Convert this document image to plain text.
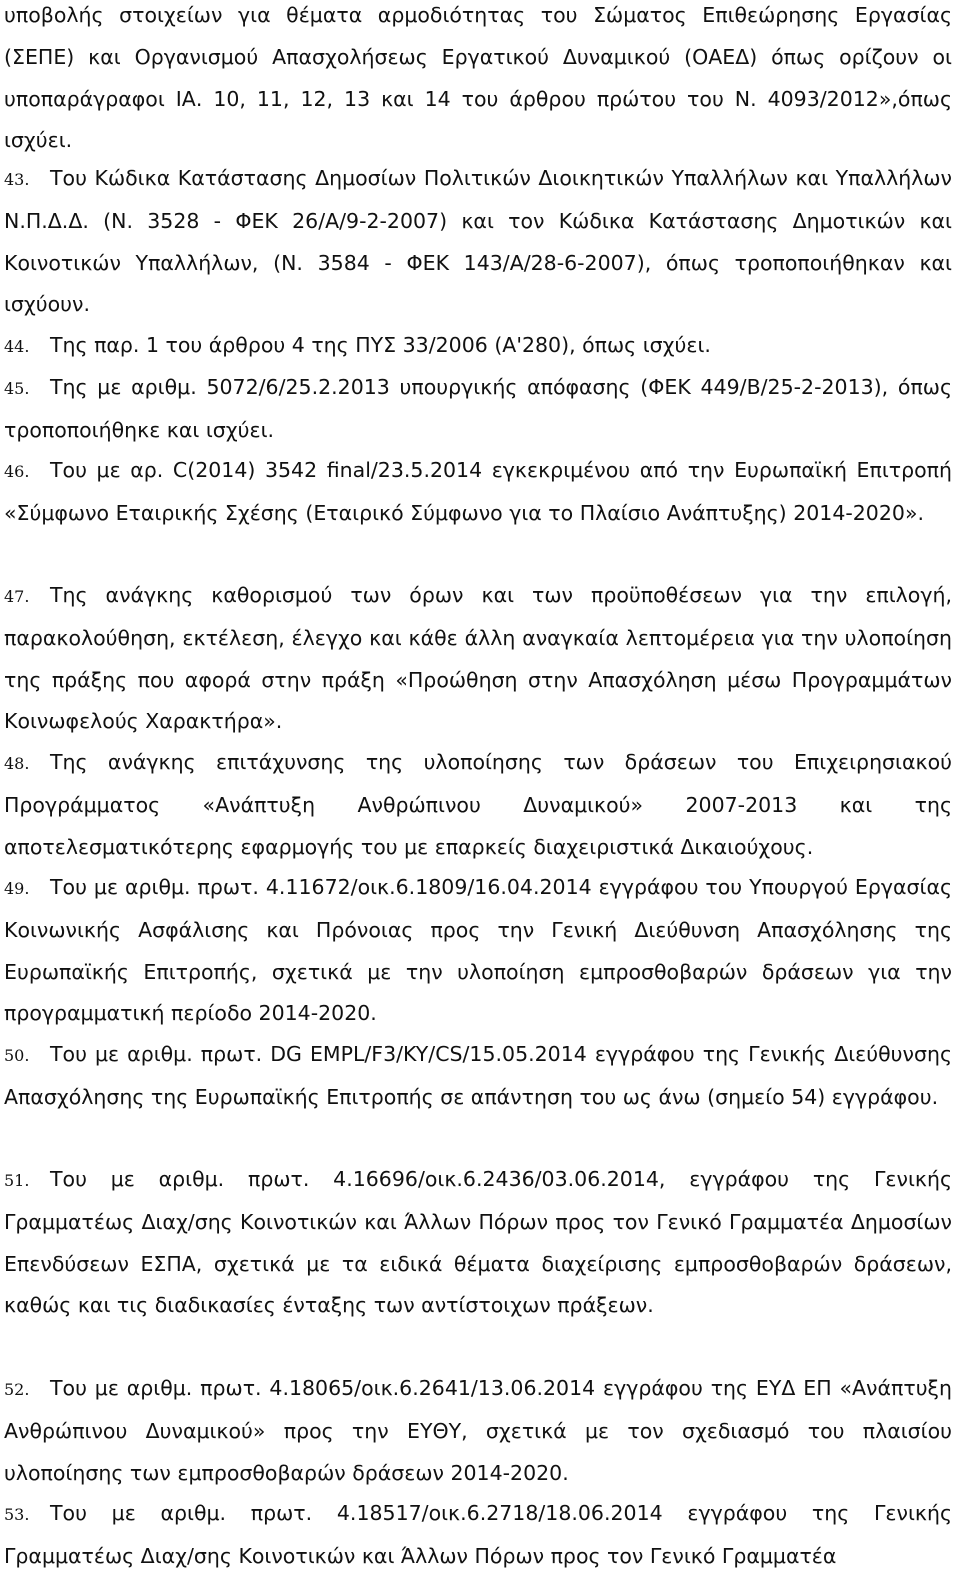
υποβολής στοιχείων για θέματα αρμοδιότητας του Σώματος Επιθεώρησης Εργασίας (ΣΕΠΕ) και Οργανισμού Απασχολήσεως Εργατικού Δυναμικού (ΟΑΕΔ) όπως ορίζουν οι υποπαράγραφοι ΙΑ. 10, 11, 12, 13 και 14 του άρθρου πρώτου του Ν. 4093/2012»,όπως ισχύει.

43. Του Κώδικα Κατάστασης Δημοσίων Πολιτικών Διοικητικών Υπαλλήλων και Υπαλλήλων Ν.Π.Δ.Δ. (Ν. 3528 - ΦΕΚ 26/Α/9-2-2007) και τον Κώδικα Κατάστασης Δημοτικών και Κοινοτικών Υπαλλήλων, (Ν. 3584 - ΦΕΚ 143/Α/28-6-2007), όπως τροποποιήθηκαν και ισχύουν.

44. Της παρ. 1 του άρθρου 4 της ΠΥΣ 33/2006 (Α'280), όπως ισχύει.

45. Της με αριθμ. 5072/6/25.2.2013 υπουργικής απόφασης (ΦΕΚ 449/Β/25-2-2013), όπως τροποποιήθηκε και ισχύει.

46. Του με αρ. C(2014) 3542 final/23.5.2014 εγκεκριμένου από την Ευρωπαϊκή Επιτροπή «Σύμφωνο Εταιρικής Σχέσης (Εταιρικό Σύμφωνο για το Πλαίσιο Ανάπτυξης) 2014-2020».

47. Της ανάγκης καθορισμού των όρων και των προϋποθέσεων για την επιλογή, παρακολούθηση, εκτέλεση, έλεγχο και κάθε άλλη αναγκαία λεπτομέρεια για την υλοποίηση της πράξης που αφορά στην πράξη «Προώθηση στην Απασχόληση μέσω Προγραμμάτων Κοινωφελούς Χαρακτήρα».

48. Της ανάγκης επιτάχυνσης της υλοποίησης των δράσεων του Επιχειρησιακού Προγράμματος «Ανάπτυξη Ανθρώπινου Δυναμικού» 2007-2013 και της αποτελεσματικότερης εφαρμογής του με επαρκείς διαχειριστικά Δικαιούχους.

49. Του με αριθμ. πρωτ. 4.11672/οικ.6.1809/16.04.2014 εγγράφου του Υπουργού Εργασίας Κοινωνικής Ασφάλισης και Πρόνοιας προς την Γενική Διεύθυνση Απασχόλησης της Ευρωπαϊκής Επιτροπής, σχετικά με την υλοποίηση εμπροσθοβαρών δράσεων για την προγραμματική περίοδο 2014-2020.

50. Του με αριθμ. πρωτ. DG EMPL/F3/KY/CS/15.05.2014 εγγράφου της Γενικής Διεύθυνσης Απασχόλησης της Ευρωπαϊκής Επιτροπής σε απάντηση του ως άνω (σημείο 54) εγγράφου.

51. Του με αριθμ. πρωτ. 4.16696/οικ.6.2436/03.06.2014, εγγράφου της Γενικής Γραμματέως Διαχ/σης Κοινοτικών και Άλλων Πόρων προς τον Γενικό Γραμματέα Δημοσίων Επενδύσεων ΕΣΠΑ, σχετικά με τα ειδικά θέματα διαχείρισης εμπροσθοβαρών δράσεων, καθώς και τις διαδικασίες ένταξης των αντίστοιχων πράξεων.

52. Του με αριθμ. πρωτ. 4.18065/οικ.6.2641/13.06.2014 εγγράφου της ΕΥΔ ΕΠ «Ανάπτυξη Ανθρώπινου Δυναμικού» προς την ΕΥΘΥ, σχετικά με τον σχεδιασμό του πλαισίου υλοποίησης των εμπροσθοβαρών δράσεων 2014-2020.

53. Του με αριθμ. πρωτ. 4.18517/οικ.6.2718/18.06.2014 εγγράφου της Γενικής Γραμματέως Διαχ/σης Κοινοτικών και Άλλων Πόρων προς τον Γενικό Γραμματέα
